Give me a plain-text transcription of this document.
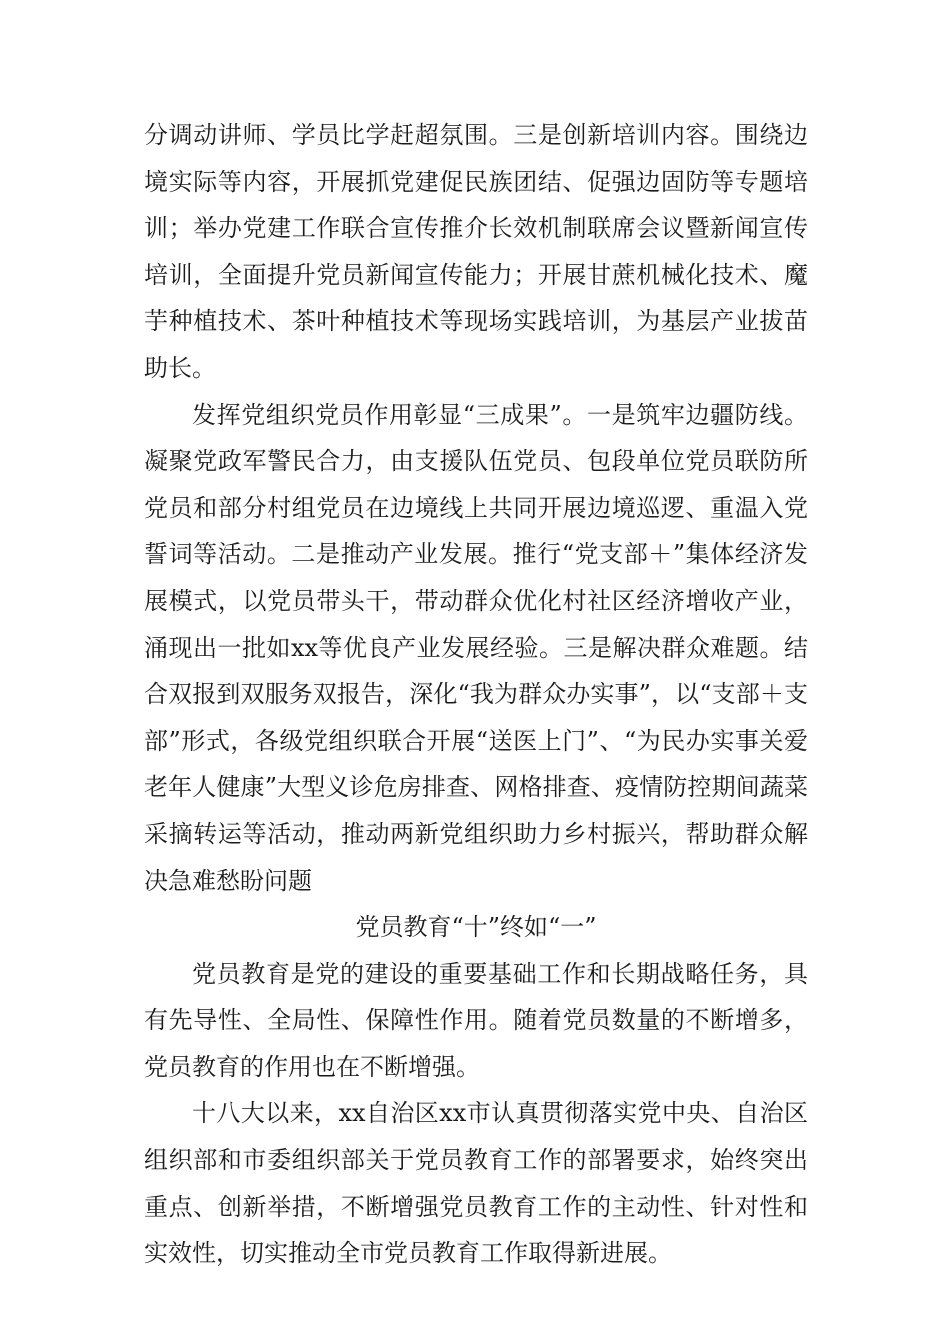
分调动讲师、学员比学赶超氛围。三是创新培训内容。围绕边境实际等内容，开展抓党建促民族团结、促强边固防等专题培训；举办党建工作联合宣传推介长效机制联席会议暨新闻宣传培训，全面提升党员新闻宣传能力；开展甘蔗机械化技术、魔芋种植技术、茶叶种植技术等现场实践培训，为基层产业拔苗助长。

发挥党组织党员作用彰显“三成果”。一是筑牢边疆防线。凝聚党政军警民合力，由支援队伍党员、包段单位党员联防所党员和部分村组党员在边境线上共同开展边境巡逻、重温入党誓词等活动。二是推动产业发展。推行“党支部＋”集体经济发展模式，以党员带头干，带动群众优化村社区经济增收产业，涌现出一批如xx等优良产业发展经验。三是解决群众难题。结合双报到双服务双报告，深化“我为群众办实事”，以“支部＋支部”形式，各级党组织联合开展“送医上门”、“为民办实事关爱老年人健康”大型义诊危房排查、网格排查、疫情防控期间蔬菜采摘转运等活动，推动两新党组织助力乡村振兴，帮助群众解决急难愁盼问题

党员教育“十”终如“一”

党员教育是党的建设的重要基础工作和长期战略任务，具有先导性、全局性、保障性作用。随着党员数量的不断增多，党员教育的作用也在不断增强。

十八大以来，xx自治区xx市认真贯彻落实党中央、自治区组织部和市委组织部关于党员教育工作的部署要求，始终突出重点、创新举措，不断增强党员教育工作的主动性、针对性和实效性，切实推动全市党员教育工作取得新进展。
